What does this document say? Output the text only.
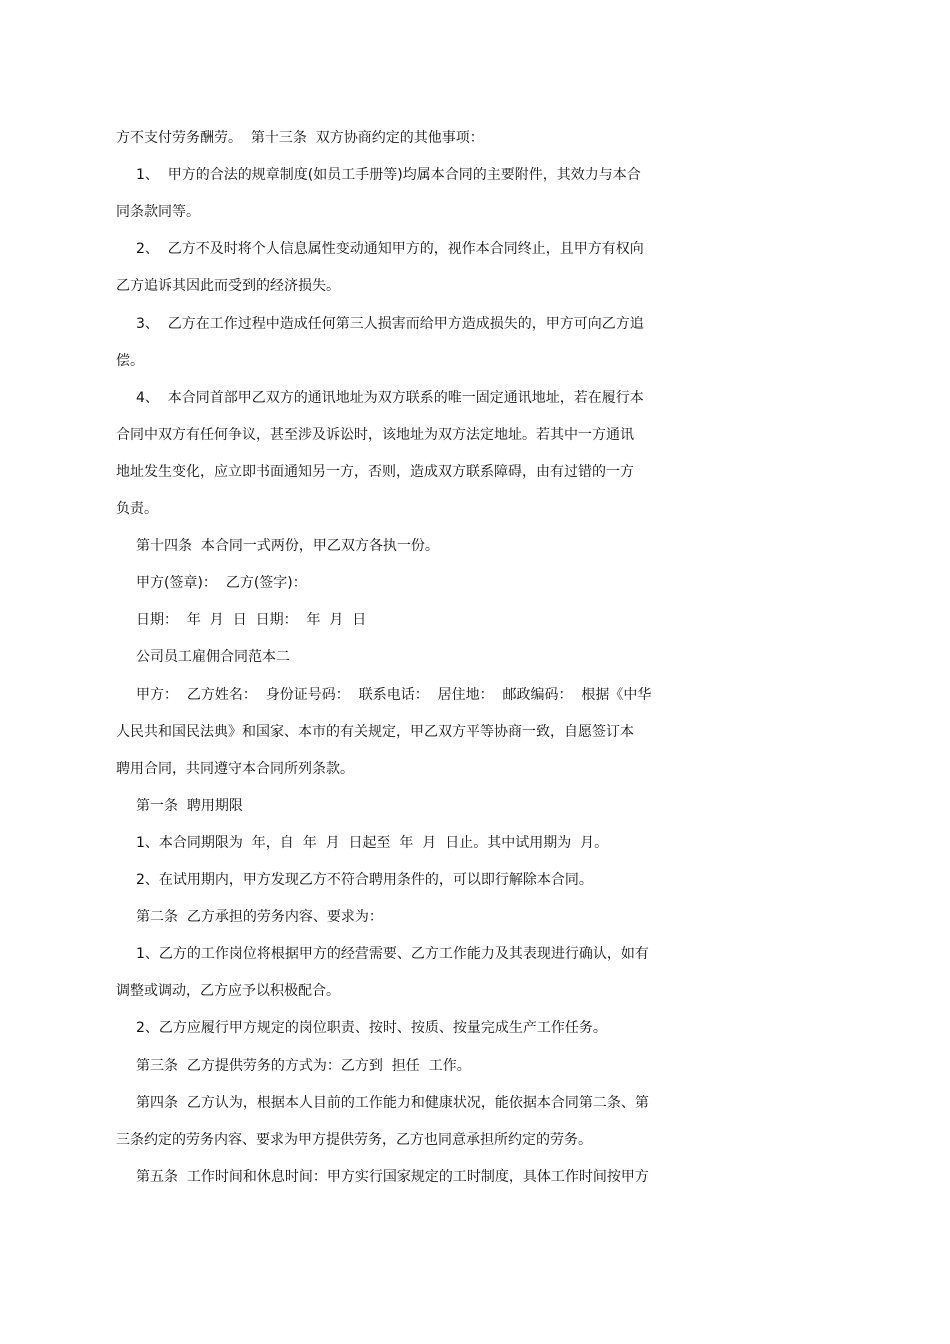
方不支付劳务酬劳。  第十三条  双方协商约定的其他事项：
1、  甲方的合法的规章制度(如员工手册等)均属本合同的主要附件，其效力与本合
同条款同等。
2、  乙方不及时将个人信息属性变动通知甲方的，视作本合同终止，且甲方有权向
乙方追诉其因此而受到的经济损失。
3、  乙方在工作过程中造成任何第三人损害而给甲方造成损失的，甲方可向乙方追
偿。
4、  本合同首部甲乙双方的通讯地址为双方联系的唯一固定通讯地址，若在履行本
合同中双方有任何争议，甚至涉及诉讼时，该地址为双方法定地址。若其中一方通讯
地址发生变化，应立即书面通知另一方，否则，造成双方联系障碍，由有过错的一方
负责。
第十四条  本合同一式两份，甲乙双方各执一份。
甲方(签章)：  乙方(签字)：
日期：  年  月  日  日期：  年  月  日
公司员工雇佣合同范本二
甲方：  乙方姓名：  身份证号码：  联系电话：  居住地：  邮政编码：  根据《中华
人民共和国民法典》和国家、本市的有关规定，甲乙双方平等协商一致，自愿签订本
聘用合同，共同遵守本合同所列条款。
第一条  聘用期限
1、本合同期限为  年，自  年  月  日起至  年  月  日止。其中试用期为  月。
2、在试用期内，甲方发现乙方不符合聘用条件的，可以即行解除本合同。
第二条  乙方承担的劳务内容、要求为：
1、乙方的工作岗位将根据甲方的经营需要、乙方工作能力及其表现进行确认，如有
调整或调动，乙方应予以积极配合。
2、乙方应履行甲方规定的岗位职责、按时、按质、按量完成生产工作任务。
第三条  乙方提供劳务的方式为：乙方到  担任  工作。
第四条  乙方认为，根据本人目前的工作能力和健康状况，能依据本合同第二条、第
三条约定的劳务内容、要求为甲方提供劳务，乙方也同意承担所约定的劳务。
第五条  工作时间和休息时间：甲方实行国家规定的工时制度，具体工作时间按甲方
